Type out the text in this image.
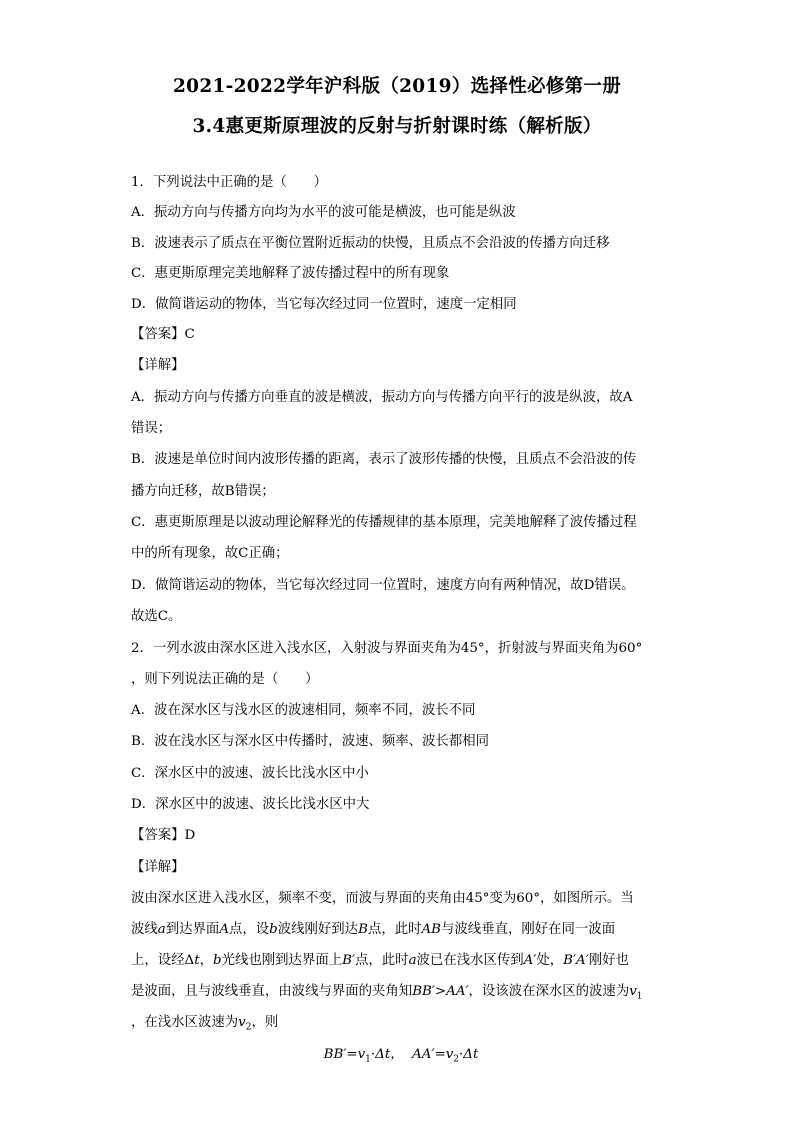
2021-2022学年沪科版（2019）选择性必修第一册
3.4惠更斯原理波的反射与折射课时练（解析版）
1．下列说法中正确的是（　　）
A．振动方向与传播方向均为水平的波可能是横波，也可能是纵波
B．波速表示了质点在平衡位置附近振动的快慢，且质点不会沿波的传播方向迁移
C．惠更斯原理完美地解释了波传播过程中的所有现象
D．做简谐运动的物体，当它每次经过同一位置时，速度一定相同
【答案】C
【详解】
A．振动方向与传播方向垂直的波是横波，振动方向与传播方向平行的波是纵波，故A
错误；
B．波速是单位时间内波形传播的距离，表示了波形传播的快慢，且质点不会沿波的传
播方向迁移，故B错误；
C．惠更斯原理是以波动理论解释光的传播规律的基本原理，完美地解释了波传播过程
中的所有现象，故C正确；
D．做简谐运动的物体，当它每次经过同一位置时，速度方向有两种情况，故D错误。
故选C。
2．一列水波由深水区进入浅水区，入射波与界面夹角为45°，折射波与界面夹角为60°
，则下列说法正确的是（　　）
A．波在深水区与浅水区的波速相同，频率不同，波长不同
B．波在浅水区与深水区中传播时，波速、频率、波长都相同
C．深水区中的波速、波长比浅水区中小
D．深水区中的波速、波长比浅水区中大
【答案】D
【详解】
波由深水区进入浅水区，频率不变，而波与界面的夹角由45°变为60°，如图所示。当
波线a到达界面A点，设b波线刚好到达B点，此时AB与波线垂直，刚好在同一波面
上，设经Δt，b光线也刚到达界面上B′点，此时a波已在浅水区传到A′处，B′A′刚好也
是波面，且与波线垂直，由波线与界面的夹角知BB′>AA′，设该波在深水区的波速为$v_1$
，在浅水区波速为$v_2$，则
$BB'=v_1\cdot\Delta t$， $AA'=v_2\cdot\Delta t$
